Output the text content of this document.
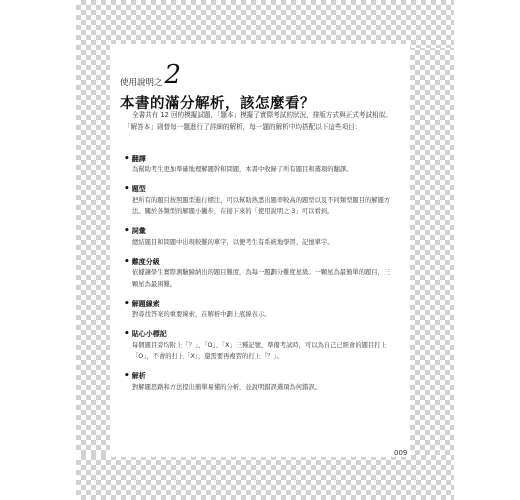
使用說明之 2
本書的滿分解析，該怎麼看？
全書共有 12 回的模擬試題，「題本」模擬了實際考試的狀況，排版方式與正式考試相似。「解答本」則替每一題進行了詳細的解析，每一題的解析中均搭配以下這些項目：
• 翻譯
為幫助考生更加準確地理解題幹和問題，本書中收錄了所有題目和選項的翻譯。
• 題型
把所有的題目按照題型進行標注，可以幫助熟悉出題率較高的題型以及不同類型題目的解題方法。關於各類型的解題小撇步，在接下來的「使用說明之 3」可以看到。
• 詞彙
總結題目和問題中出現較難的單字，以便考生有系統地學習、記憶單字。
• 難度分級
依據讓學生實際測驗歸納出的題目難度，為每一題劃分難度星級。一顆星為最簡單的題目，三顆星為最困難。
• 解題線索
對尋找答案的重要線索，在解析中劃上底線表示。
• 貼心小標記
每個題目旁均附上「？」、「O」、「X」三種記號，準備考試時，可以為自己已經會的題目打上「O」，不會的打上「X」，還需要再複習的打上「？」。
• 解析
對解題思路和方法提出簡單易懂的分析，並說明錯誤選項為何錯誤。
009
